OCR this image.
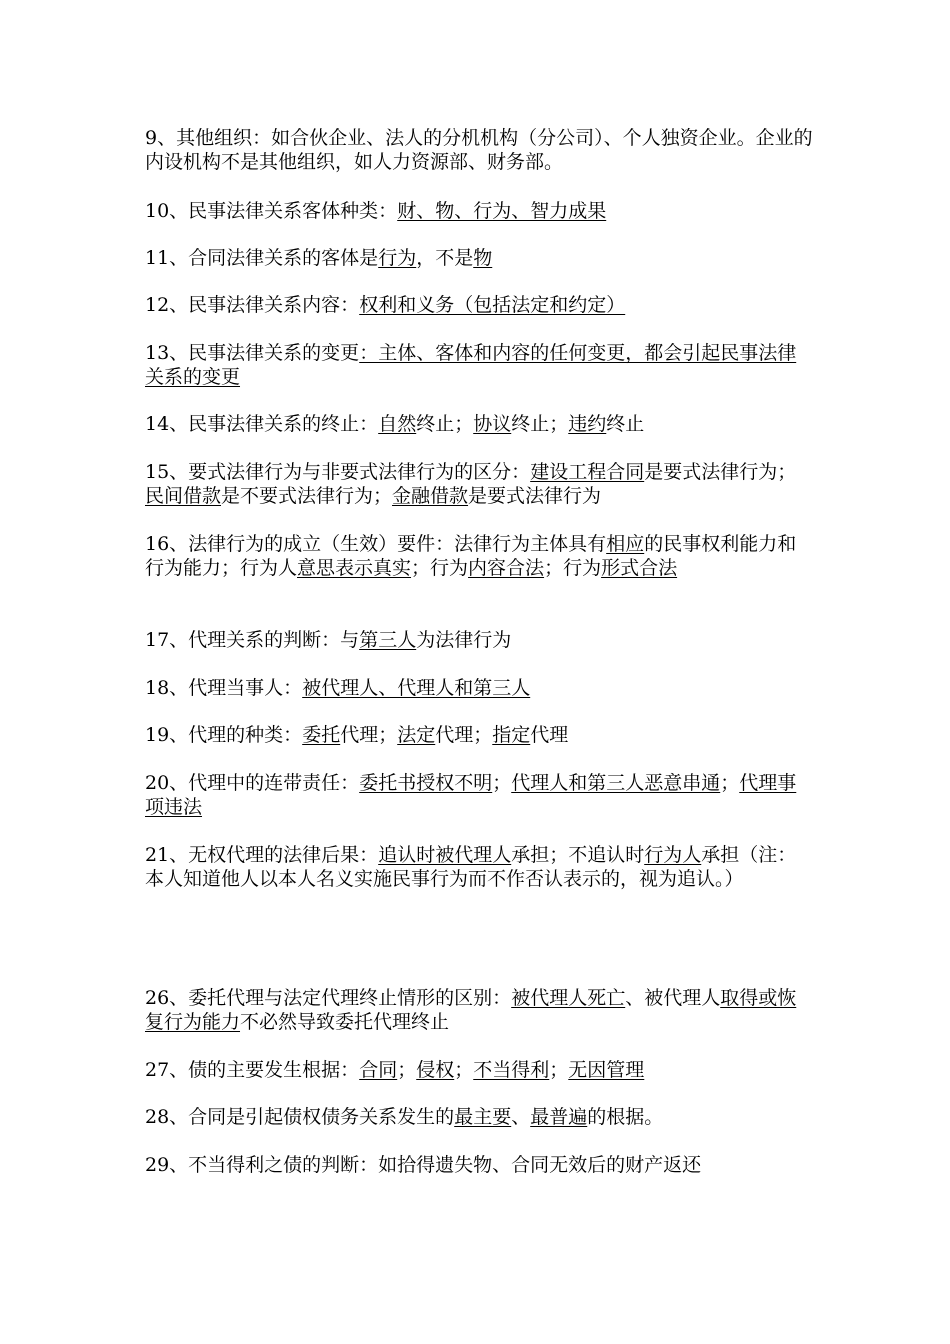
9、其他组织：如合伙企业、法人的分机机构（分公司）、个人独资企业。企业的内设机构不是其他组织，如人力资源部、财务部。

10、民事法律关系客体种类：财、物、行为、智力成果

11、合同法律关系的客体是行为，不是物

12、民事法律关系内容：权利和义务（包括法定和约定）

13、民事法律关系的变更：主体、客体和内容的任何变更，都会引起民事法律关系的变更

14、民事法律关系的终止：自然终止；协议终止；违约终止

15、要式法律行为与非要式法律行为的区分：建设工程合同是要式法律行为；民间借款是不要式法律行为；金融借款是要式法律行为

16、法律行为的成立（生效）要件：法律行为主体具有相应的民事权利能力和行为能力；行为人意思表示真实；行为内容合法；行为形式合法

17、代理关系的判断：与第三人为法律行为

18、代理当事人：被代理人、代理人和第三人

19、代理的种类：委托代理；法定代理；指定代理

20、代理中的连带责任：委托书授权不明；代理人和第三人恶意串通；代理事项违法

21、无权代理的法律后果：追认时被代理人承担；不追认时行为人承担（注：本人知道他人以本人名义实施民事行为而不作否认表示的，视为追认。）

26、委托代理与法定代理终止情形的区别：被代理人死亡、被代理人取得或恢复行为能力不必然导致委托代理终止

27、债的主要发生根据：合同；侵权；不当得利；无因管理

28、合同是引起债权债务关系发生的最主要、最普遍的根据。

29、不当得利之债的判断：如拾得遗失物、合同无效后的财产返还
